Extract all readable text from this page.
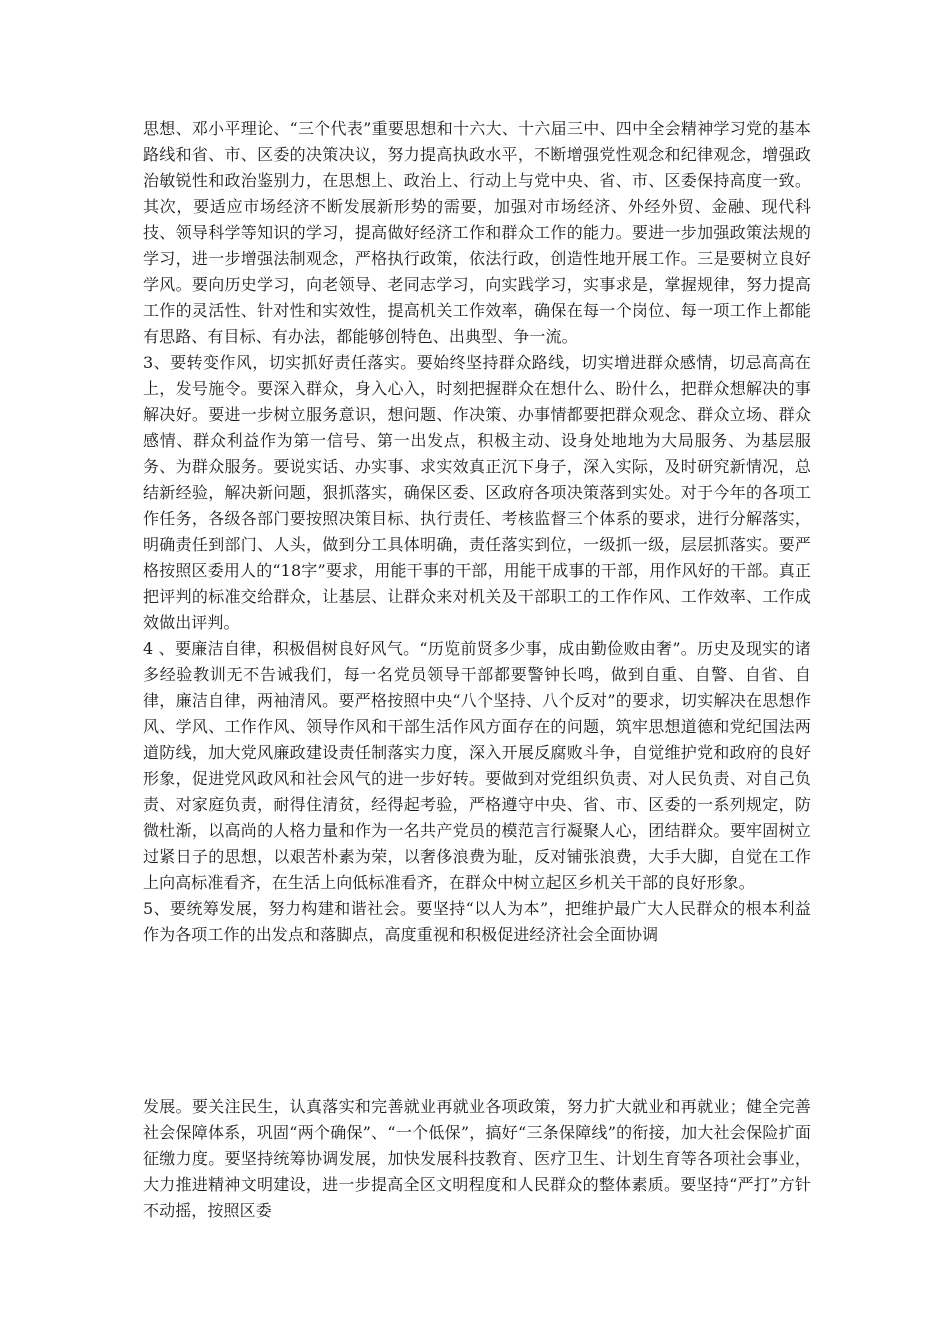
思想、邓小平理论、“三个代表”重要思想和十六大、十六届三中、四中全会精神学习党的基本路线和省、市、区委的决策决议，努力提高执政水平，不断增强党性观念和纪律观念，增强政治敏锐性和政治鉴别力，在思想上、政治上、行动上与党中央、省、市、区委保持高度一致。其次，要适应市场经济不断发展新形势的需要，加强对市场经济、外经外贸、金融、现代科技、领导科学等知识的学习，提高做好经济工作和群众工作的能力。要进一步加强政策法规的学习，进一步增强法制观念，严格执行政策，依法行政，创造性地开展工作。三是要树立良好学风。要向历史学习，向老领导、老同志学习，向实践学习，实事求是，掌握规律，努力提高工作的灵活性、针对性和实效性，提高机关工作效率，确保在每一个岗位、每一项工作上都能有思路、有目标、有办法，都能够创特色、出典型、争一流。

3、要转变作风，切实抓好责任落实。要始终坚持群众路线，切实增进群众感情，切忌高高在上，发号施令。要深入群众，身入心入，时刻把握群众在想什么、盼什么，把群众想解决的事解决好。要进一步树立服务意识，想问题、作决策、办事情都要把群众观念、群众立场、群众感情、群众利益作为第一信号、第一出发点，积极主动、设身处地地为大局服务、为基层服务、为群众服务。要说实话、办实事、求实效真正沉下身子，深入实际，及时研究新情况，总结新经验，解决新问题，狠抓落实，确保区委、区政府各项决策落到实处。对于今年的各项工作任务，各级各部门要按照决策目标、执行责任、考核监督三个体系的要求，进行分解落实，明确责任到部门、人头，做到分工具体明确，责任落实到位，一级抓一级，层层抓落实。要严格按照区委用人的“18字”要求，用能干事的干部，用能干成事的干部，用作风好的干部。真正把评判的标准交给群众，让基层、让群众来对机关及干部职工的工作作风、工作效率、工作成效做出评判。

4 、要廉洁自律，积极倡树良好风气。“历览前贤多少事，成由勤俭败由奢”。历史及现实的诸多经验教训无不告诫我们，每一名党员领导干部都要警钟长鸣，做到自重、自警、自省、自律，廉洁自律，两袖清风。要严格按照中央“八个坚持、八个反对”的要求，切实解决在思想作风、学风、工作作风、领导作风和干部生活作风方面存在的问题，筑牢思想道德和党纪国法两道防线，加大党风廉政建设责任制落实力度，深入开展反腐败斗争，自觉维护党和政府的良好形象，促进党风政风和社会风气的进一步好转。要做到对党组织负责、对人民负责、对自己负责、对家庭负责，耐得住清贫，经得起考验，严格遵守中央、省、市、区委的一系列规定，防微杜渐，以高尚的人格力量和作为一名共产党员的模范言行凝聚人心，团结群众。要牢固树立过紧日子的思想，以艰苦朴素为荣，以奢侈浪费为耻，反对铺张浪费，大手大脚，自觉在工作上向高标准看齐，在生活上向低标准看齐，在群众中树立起区乡机关干部的良好形象。

5、要统筹发展，努力构建和谐社会。要坚持“以人为本”，把维护最广大人民群众的根本利益作为各项工作的出发点和落脚点，高度重视和积极促进经济社会全面协调

发展。要关注民生，认真落实和完善就业再就业各项政策，努力扩大就业和再就业；健全完善社会保障体系，巩固“两个确保”、“一个低保”，搞好“三条保障线”的衔接，加大社会保险扩面征缴力度。要坚持统筹协调发展，加快发展科技教育、医疗卫生、计划生育等各项社会事业，大力推进精神文明建设，进一步提高全区文明程度和人民群众的整体素质。要坚持“严打”方针不动摇，按照区委
